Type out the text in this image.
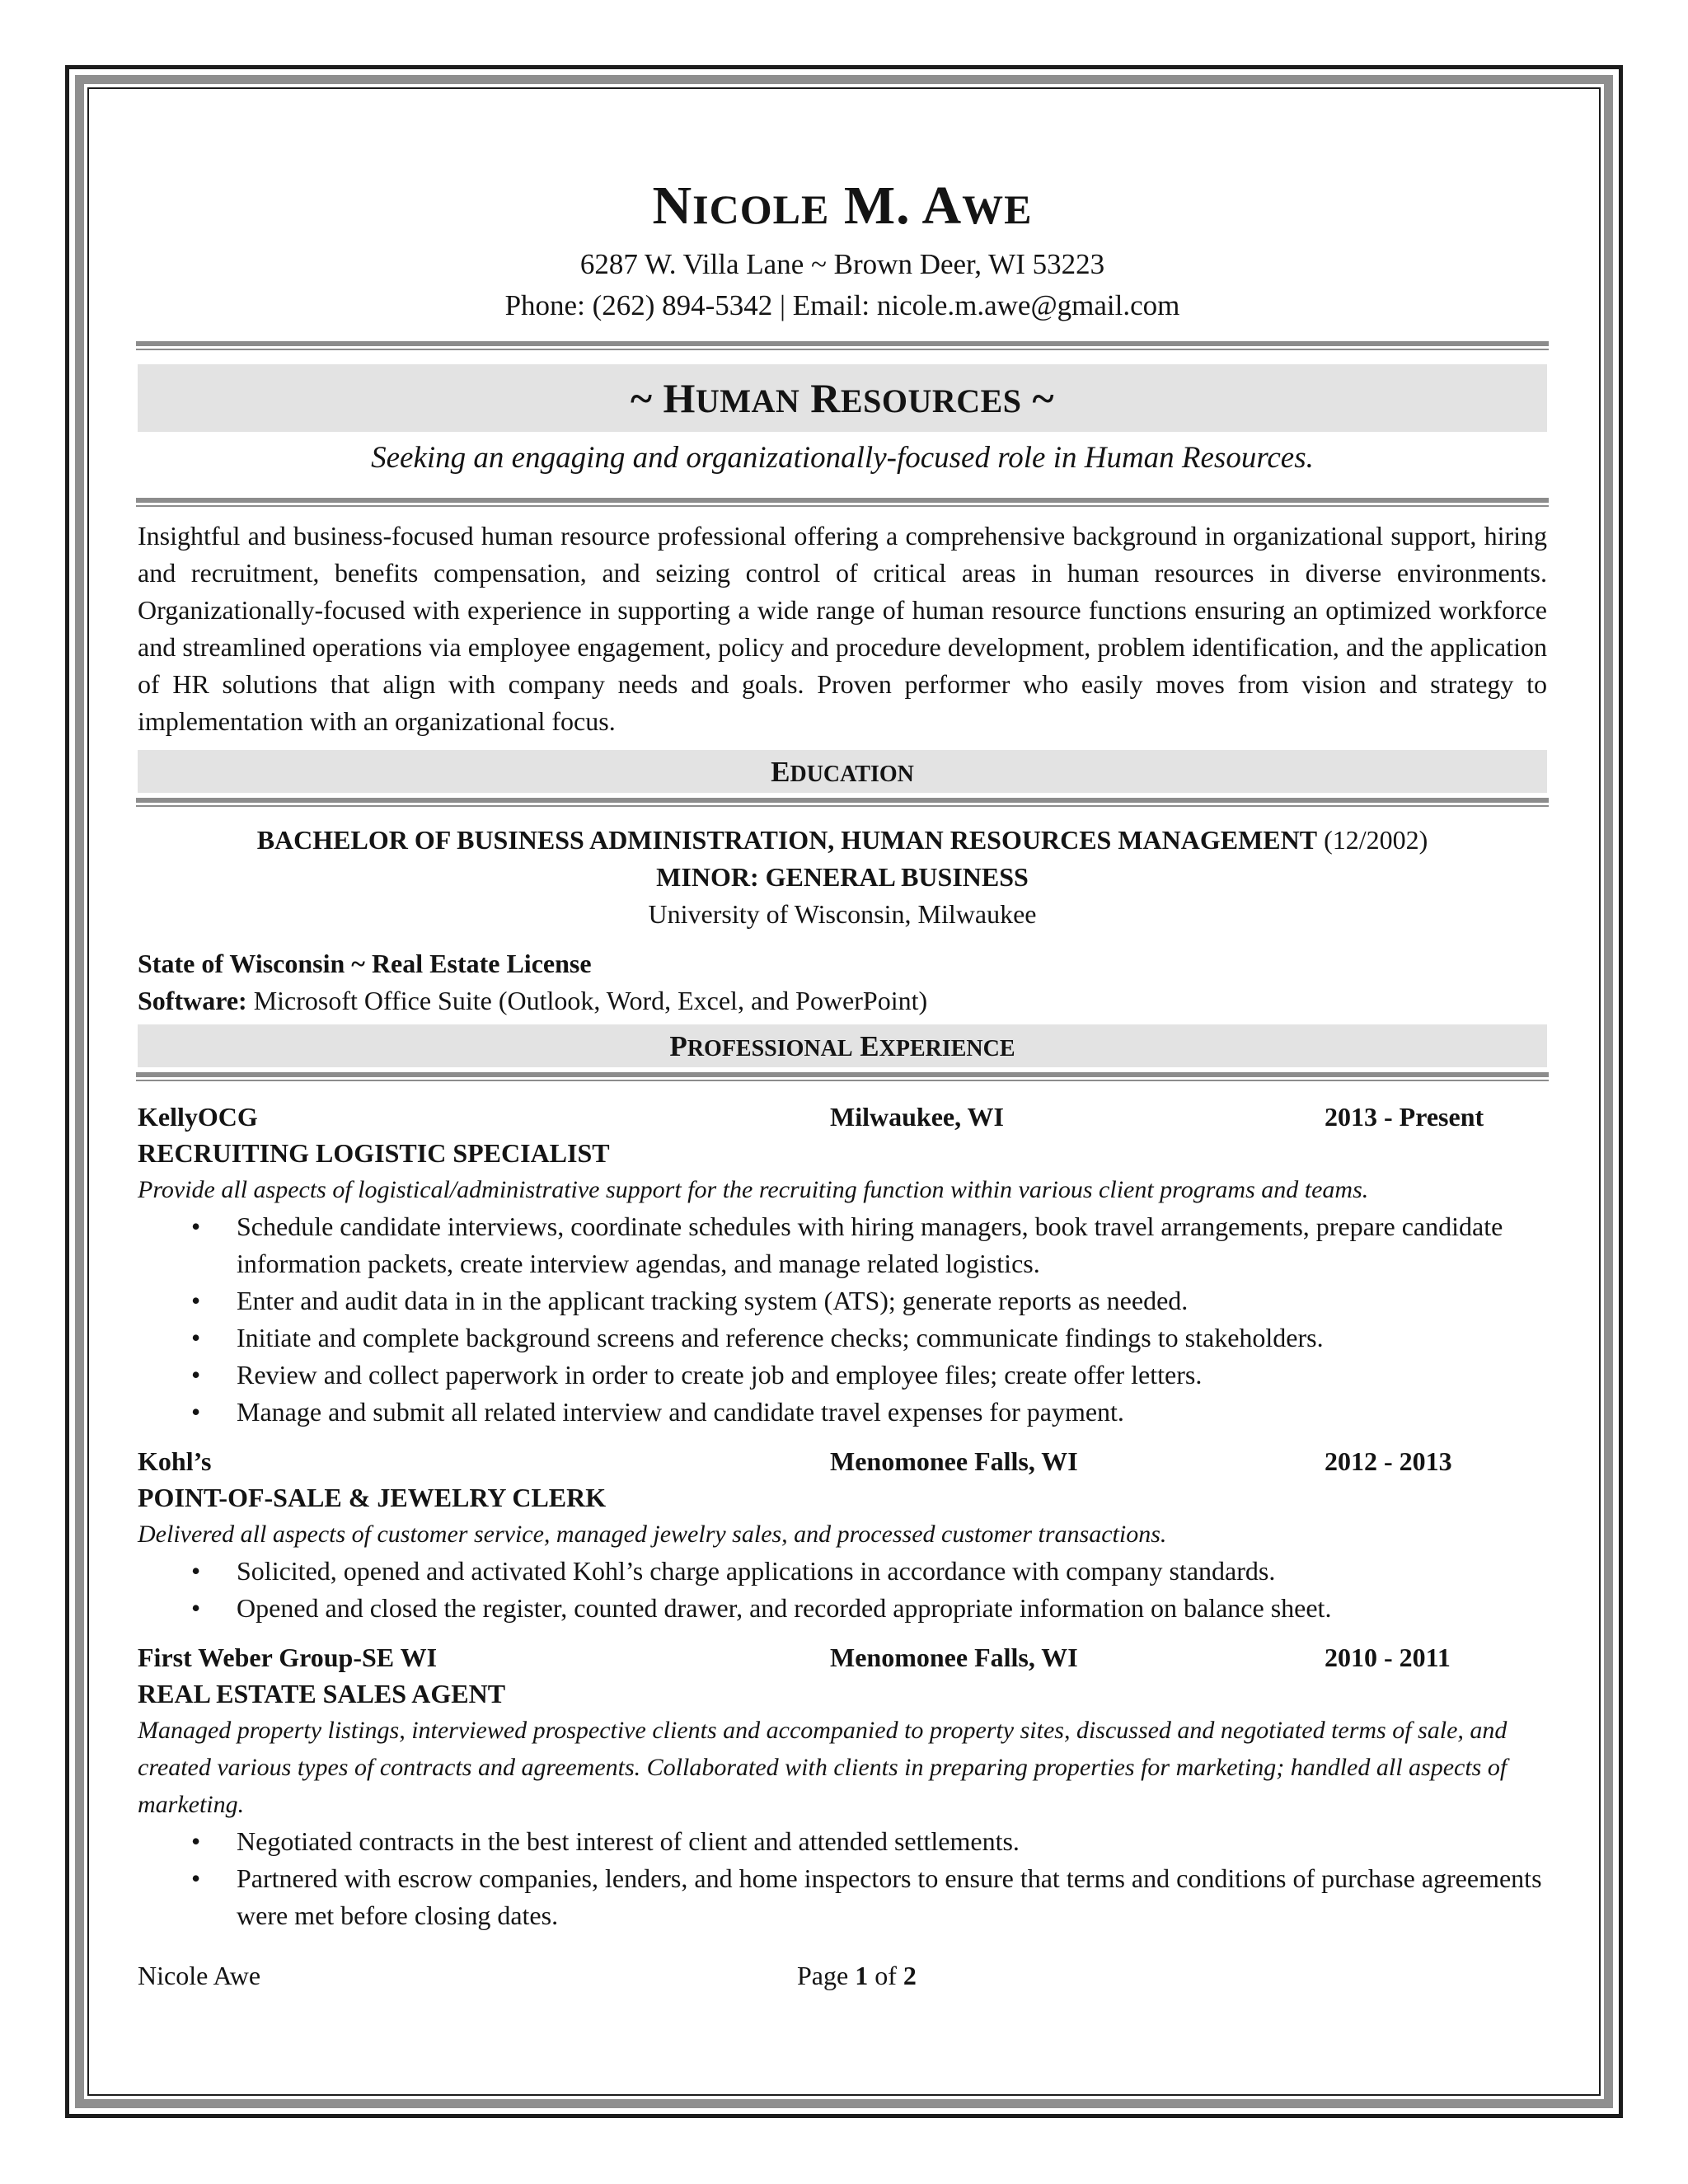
NICOLE M. AWE
6287 W. Villa Lane ~ Brown Deer, WI 53223
Phone: (262) 894-5342 | Email: nicole.m.awe@gmail.com
~ HUMAN RESOURCES ~
Seeking an engaging and organizationally-focused role in Human Resources.
Insightful and business-focused human resource professional offering a comprehensive background in organizational support, hiring and recruitment, benefits compensation, and seizing control of critical areas in human resources in diverse environments. Organizationally-focused with experience in supporting a wide range of human resource functions ensuring an optimized workforce and streamlined operations via employee engagement, policy and procedure development, problem identification, and the application of HR solutions that align with company needs and goals. Proven performer who easily moves from vision and strategy to implementation with an organizational focus.
EDUCATION
BACHELOR OF BUSINESS ADMINISTRATION, HUMAN RESOURCES MANAGEMENT (12/2002)
MINOR: GENERAL BUSINESS
University of Wisconsin, Milwaukee
State of Wisconsin ~ Real Estate License
Software: Microsoft Office Suite (Outlook, Word, Excel, and PowerPoint)
PROFESSIONAL EXPERIENCE
KellyOCG	Milwaukee, WI	2013 - Present
RECRUITING LOGISTIC SPECIALIST
Provide all aspects of logistical/administrative support for the recruiting function within various client programs and teams.
• Schedule candidate interviews, coordinate schedules with hiring managers, book travel arrangements, prepare candidate information packets, create interview agendas, and manage related logistics.
• Enter and audit data in in the applicant tracking system (ATS); generate reports as needed.
• Initiate and complete background screens and reference checks; communicate findings to stakeholders.
• Review and collect paperwork in order to create job and employee files; create offer letters.
• Manage and submit all related interview and candidate travel expenses for payment.
Kohl’s	Menomonee Falls, WI	2012 - 2013
POINT-OF-SALE & JEWELRY CLERK
Delivered all aspects of customer service, managed jewelry sales, and processed customer transactions.
• Solicited, opened and activated Kohl’s charge applications in accordance with company standards.
• Opened and closed the register, counted drawer, and recorded appropriate information on balance sheet.
First Weber Group-SE WI	Menomonee Falls, WI	2010 - 2011
REAL ESTATE SALES AGENT
Managed property listings, interviewed prospective clients and accompanied to property sites, discussed and negotiated terms of sale, and created various types of contracts and agreements. Collaborated with clients in preparing properties for marketing; handled all aspects of marketing.
• Negotiated contracts in the best interest of client and attended settlements.
• Partnered with escrow companies, lenders, and home inspectors to ensure that terms and conditions of purchase agreements were met before closing dates.
Nicole Awe	Page 1 of 2
